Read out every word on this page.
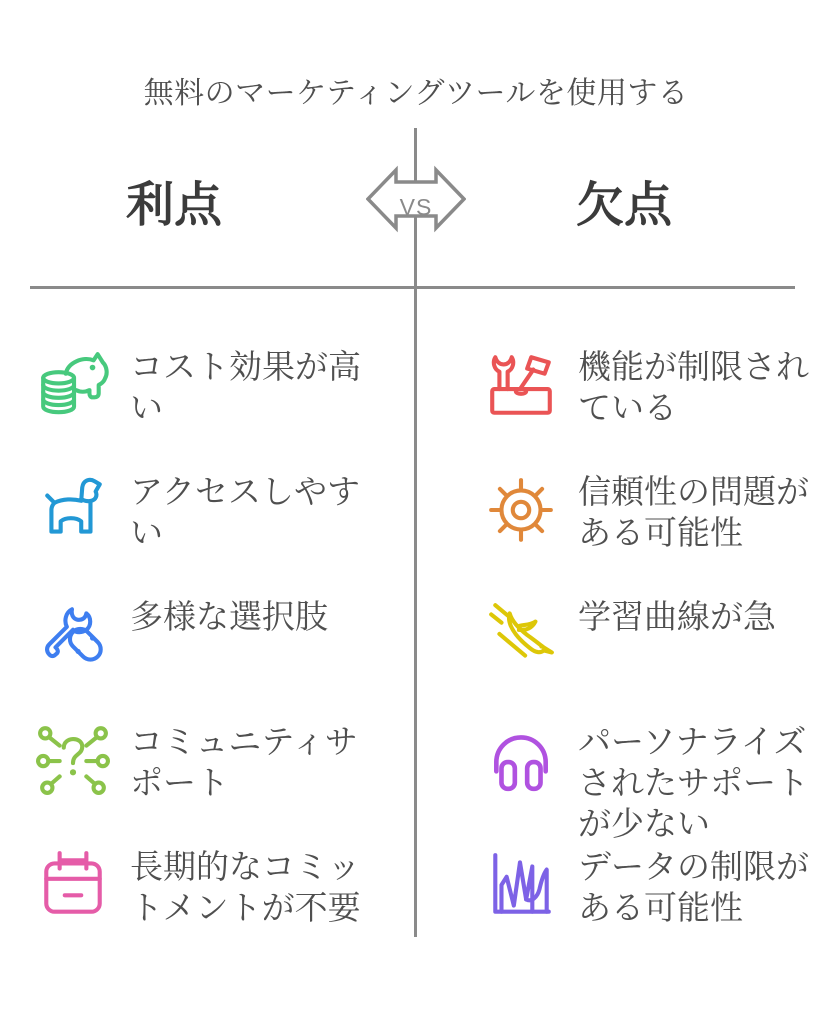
無料のマーケティングツールを使用する
VS
利点	欠点
コスト効果が高い
アクセスしやすい
多様な選択肢
コミュニティサポート
長期的なコミットメントが不要
機能が制限されている
信頼性の問題がある可能性
学習曲線が急
パーソナライズされたサポートが少ない
データの制限がある可能性
